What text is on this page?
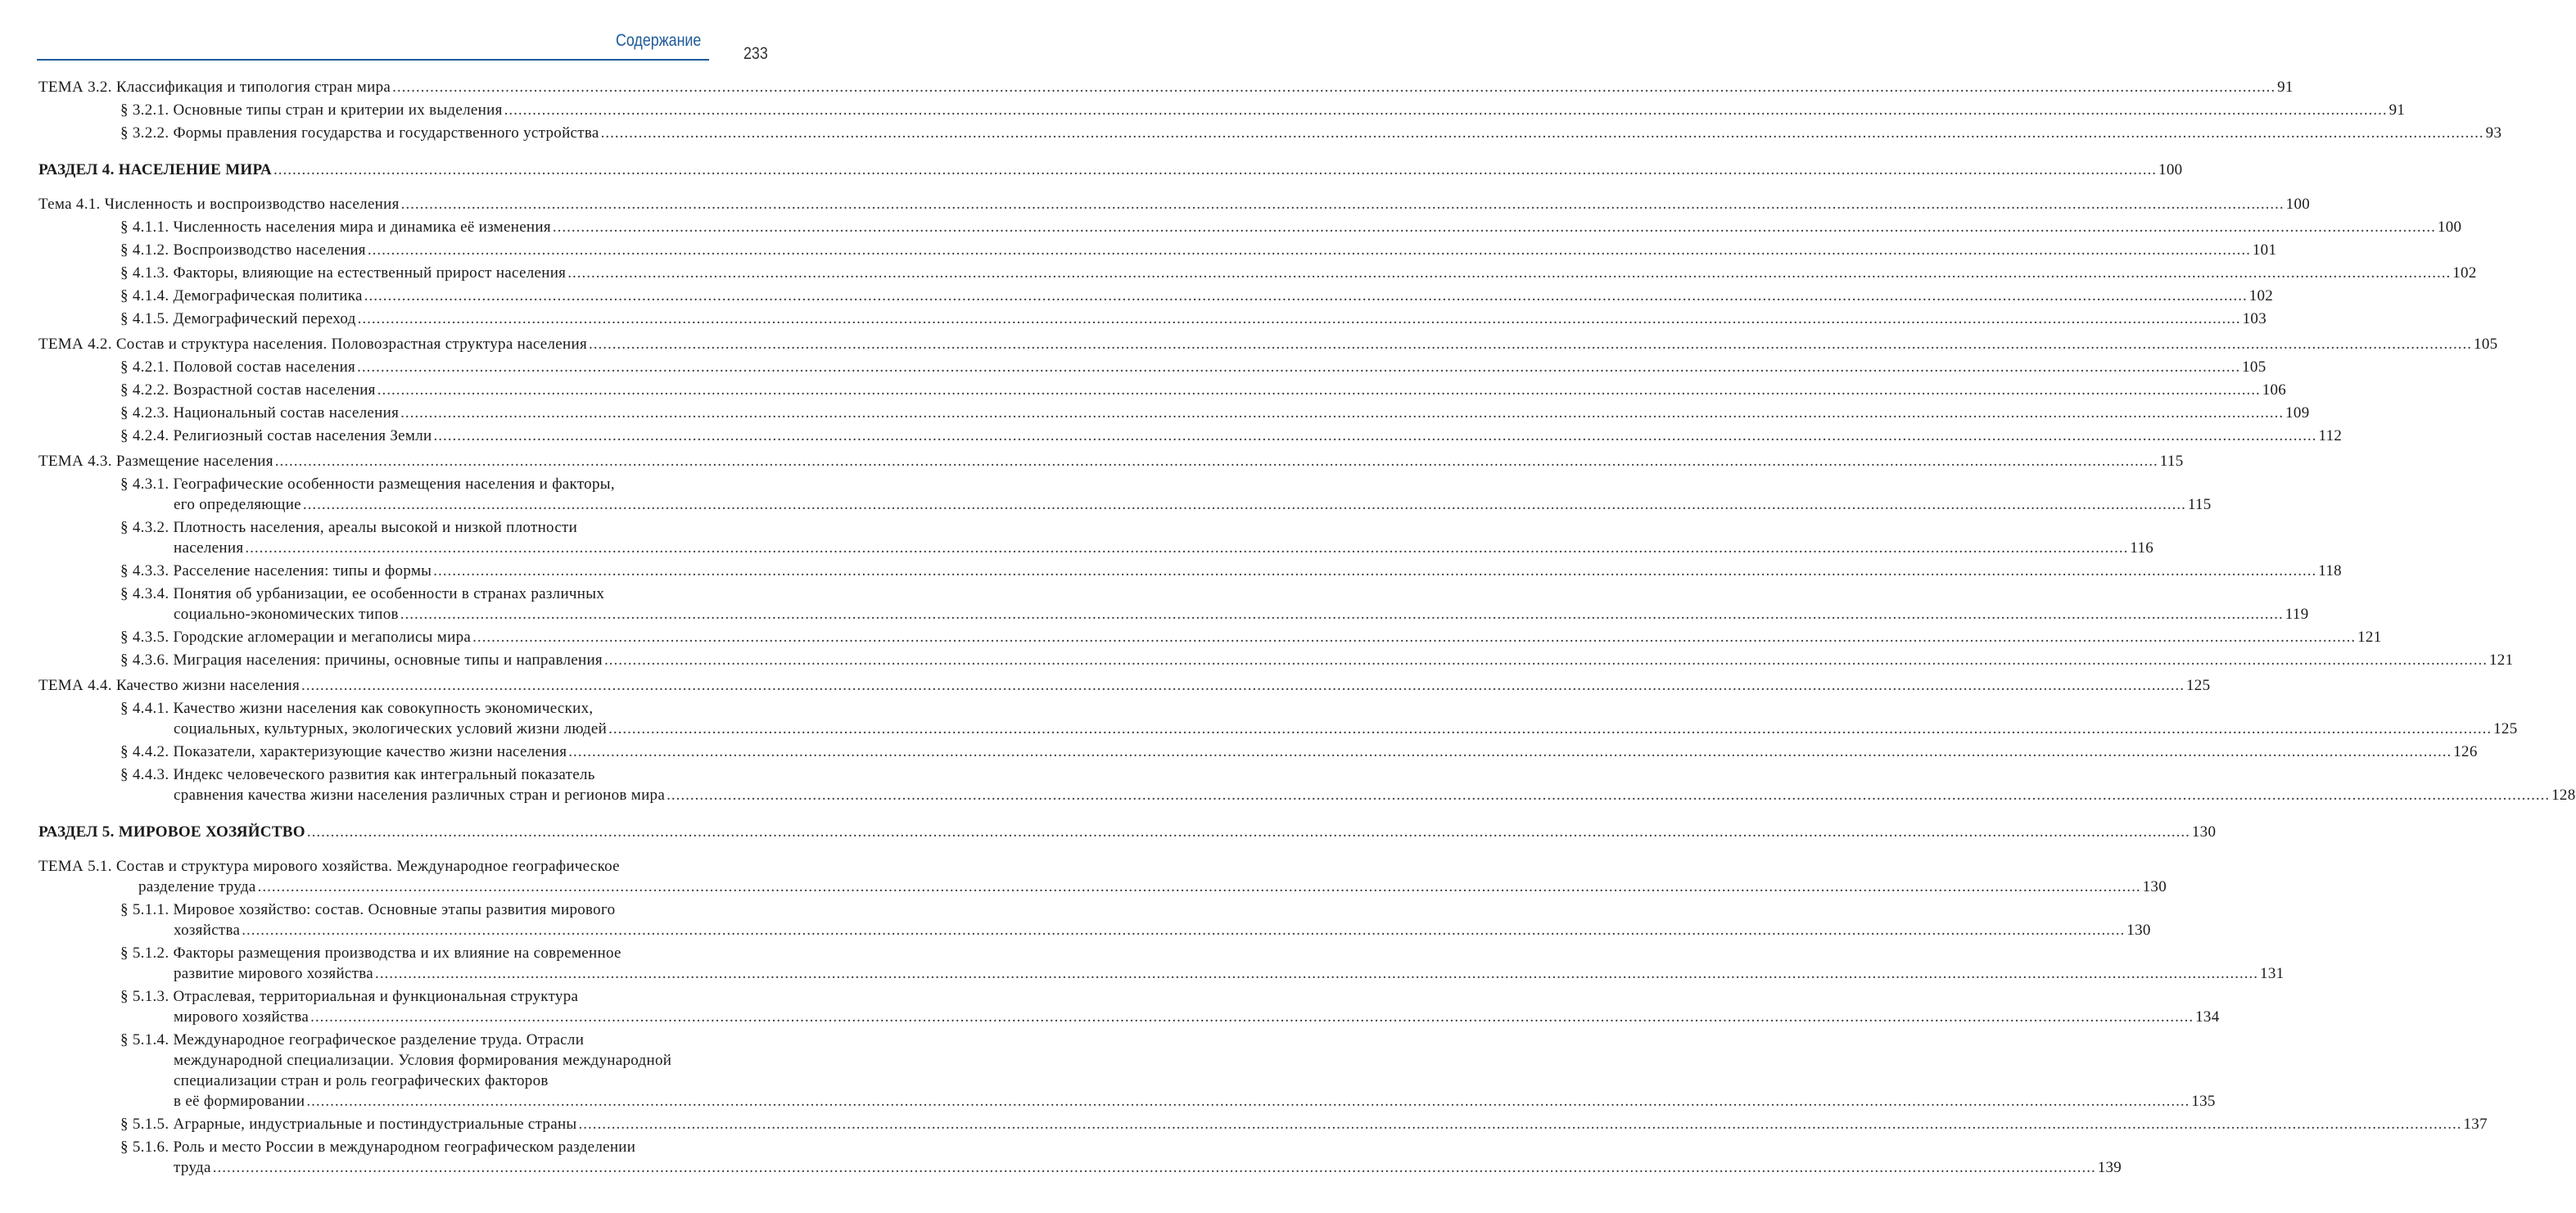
Содержание
233
ТЕМА 3.2. Классификация и типология стран мира ................................................................................................................................................................................................................................................................................................................................................................................................................ 91
§ 3.2.1. Основные типы стран и критерии их выделения ................................................................................................................................................................................................................................................................................................................................................................................................................ 91
§ 3.2.2. Формы правления государства и государственного устройства ................................................................................................................................................................................................................................................................................................................................................................................................................ 93
РАЗДЕЛ 4. НАСЕЛЕНИЕ МИРА ................................................................................................................................................................................................................................................................................................................................................................................................................ 100
Тема 4.1. Численность и воспроизводство населения ................................................................................................................................................................................................................................................................................................................................................................................................................ 100
§ 4.1.1. Численность населения мира и динамика её изменения ................................................................................................................................................................................................................................................................................................................................................................................................................ 100
§ 4.1.2. Воспроизводство населения ................................................................................................................................................................................................................................................................................................................................................................................................................ 101
§ 4.1.3. Факторы, влияющие на естественный прирост населения ................................................................................................................................................................................................................................................................................................................................................................................................................ 102
§ 4.1.4. Демографическая политика ................................................................................................................................................................................................................................................................................................................................................................................................................ 102
§ 4.1.5. Демографический переход ................................................................................................................................................................................................................................................................................................................................................................................................................ 103
ТЕМА 4.2. Состав и структура населения. Половозрастная структура населения ................................................................................................................................................................................................................................................................................................................................................................................................................ 105
§ 4.2.1. Половой состав населения ................................................................................................................................................................................................................................................................................................................................................................................................................ 105
§ 4.2.2. Возрастной состав населения ................................................................................................................................................................................................................................................................................................................................................................................................................ 106
§ 4.2.3. Национальный состав населения ................................................................................................................................................................................................................................................................................................................................................................................................................ 109
§ 4.2.4. Религиозный состав населения Земли ................................................................................................................................................................................................................................................................................................................................................................................................................ 112
ТЕМА 4.3. Размещение населения ................................................................................................................................................................................................................................................................................................................................................................................................................ 115
§ 4.3.1. Географические особенности размещения населения и факторы,
его определяющие ................................................................................................................................................................................................................................................................................................................................................................................................................ 115
§ 4.3.2. Плотность населения, ареалы высокой и низкой плотности
населения ................................................................................................................................................................................................................................................................................................................................................................................................................ 116
§ 4.3.3. Расселение населения: типы и формы ................................................................................................................................................................................................................................................................................................................................................................................................................ 118
§ 4.3.4. Понятия об урбанизации, ее особенности в странах различных
социально-экономических типов ................................................................................................................................................................................................................................................................................................................................................................................................................ 119
§ 4.3.5. Городские агломерации и мегаполисы мира ................................................................................................................................................................................................................................................................................................................................................................................................................ 121
§ 4.3.6. Миграция населения: причины, основные типы и направления ................................................................................................................................................................................................................................................................................................................................................................................................................ 121
ТЕМА 4.4. Качество жизни населения ................................................................................................................................................................................................................................................................................................................................................................................................................ 125
§ 4.4.1. Качество жизни населения как совокупность экономических,
социальных, культурных, экологических условий жизни людей ................................................................................................................................................................................................................................................................................................................................................................................................................ 125
§ 4.4.2. Показатели, характеризующие качество жизни населения ................................................................................................................................................................................................................................................................................................................................................................................................................ 126
§ 4.4.3. Индекс человеческого развития как интегральный показатель
сравнения качества жизни населения различных стран и регионов мира ................................................................................................................................................................................................................................................................................................................................................................................................................ 128
РАЗДЕЛ 5. МИРОВОЕ ХОЗЯЙСТВО ................................................................................................................................................................................................................................................................................................................................................................................................................ 130
ТЕМА 5.1. Состав и структура мирового хозяйства. Международное географическое
разделение труда ................................................................................................................................................................................................................................................................................................................................................................................................................ 130
§ 5.1.1. Мировое хозяйство: состав. Основные этапы развития мирового
хозяйства ................................................................................................................................................................................................................................................................................................................................................................................................................ 130
§ 5.1.2. Факторы размещения производства и их влияние на современное
развитие мирового хозяйства ................................................................................................................................................................................................................................................................................................................................................................................................................ 131
§ 5.1.3. Отраслевая, территориальная и функциональная структура
мирового хозяйства ................................................................................................................................................................................................................................................................................................................................................................................................................ 134
§ 5.1.4. Международное географическое разделение труда. Отрасли
международной специализации. Условия формирования международной
специализации стран и роль географических факторов
в её формировании ................................................................................................................................................................................................................................................................................................................................................................................................................ 135
§ 5.1.5. Аграрные, индустриальные и постиндустриальные страны ................................................................................................................................................................................................................................................................................................................................................................................................................ 137
§ 5.1.6. Роль и место России в международном географическом разделении
труда ................................................................................................................................................................................................................................................................................................................................................................................................................ 139
